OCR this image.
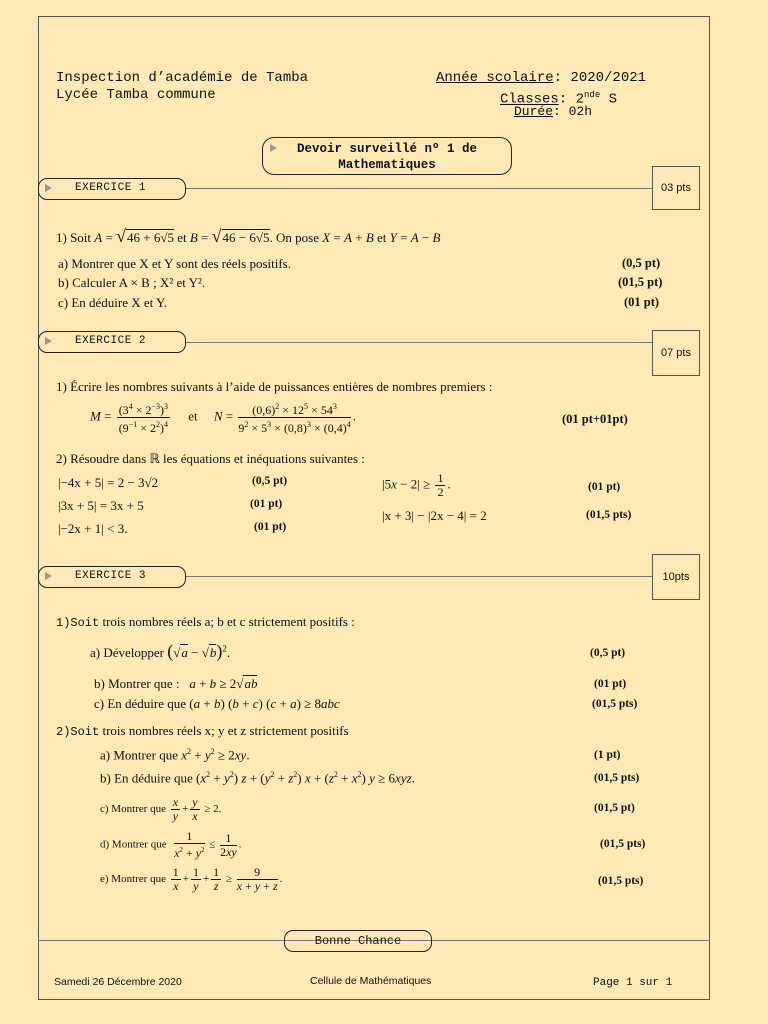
Inspection d’académie de Tamba
Lycée Tamba commune
Année scolaire: 2020/2021
Classes: 2nde S
Durée: 02h
Devoir surveillé nº 1 de
Mathematiques
EXERCICE 1	03 pts
1) Soit A = √46 + 6√5 et B = √46 − 6√5. On pose X = A + B et Y = A − B
a) Montrer que X et Y sont des réels positifs.	(0,5 pt)
b) Calculer A × B ; X² et Y².	(01,5 pt)
c) En déduire X et Y.	(01 pt)
EXERCICE 2
07 pts
1) Écrire les nombres suivants à l’aide de puissances entières de nombres premiers :
$M = \frac{(3^4 \times 2^{-3})^3}{(9^{-1} \times 2^2)^4}$ et     $N = \frac{(0,6)^2 \times 12^5 \times 54^3}{9^2 \times 5^3 \times (0,8)^3 \times (0,4)^4}$ .	(01 pt+01pt)
2) Résoudre dans ℝ les équations et inéquations suivantes :
|−4x + 5| = 2 − 3√2	(0,5 pt)
|3x + 5| = 3x + 5	(01 pt)
|−2x + 1| < 3.	(01 pt)
$|5x - 2| \ge \frac{1}{2}$ .	(01 pt)
|x + 3| − |2x − 4| = 2	(01,5 pts)
EXERCICE 3	10pts
1)Soit trois nombres réels a; b et c strictement positifs :
a) Développer $(√a - √b)^2$.	(0,5 pt)
b) Montrer que : a + b ≥ 2√ab	(01 pt)
c) En déduire que (a + b) (b + c) (c + a) ≥ 8abc	(01,5 pts)
2)Soit trois nombres réels x; y et z strictement positifs
a) Montrer que $x^2 + y^2 \ge 2xy$.	(1 pt)
b) En déduire que $(x^2 + y^2) z + (y^2 + z^2) x + (z^2 + x^2) y \ge 6xyz$.	(01,5 pts)
c) Montrer que $\frac{x}{y} + \frac{y}{x} \ge 2$.	(01,5 pt)
d) Montrer que $\frac{1}{x^2 + y^2} \le \frac{1}{2xy}$ .	(01,5 pts)
e) Montrer que $\frac{1}{x} + \frac{1}{y} + \frac{1}{z} \ge \frac{9}{x + y + z}$ .	(01,5 pts)
Bonne Chance
Samedi 26 Décembre 2020	Cellule de Mathématiques	Page 1 sur 1
